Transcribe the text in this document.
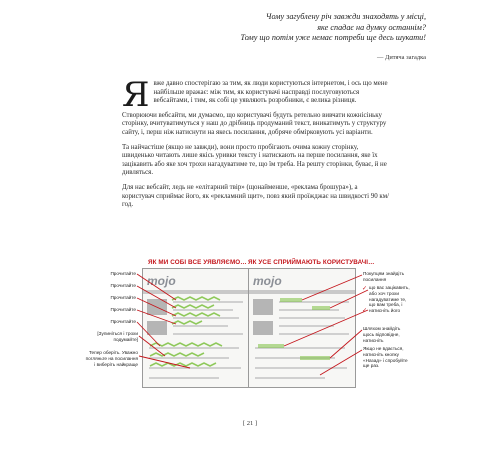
Чому загублену річ завжди знаходять у місці,
яке спадає на думку останнім?
Тому що потім уже немає потреби ще десь шукати!
— Дитяча загадка

Я вже давно спостерігаю за тим, як люди користуються інтернетом, і ось що мене найбільше вражає: між тим, як користувачі насправді послуговуються вебсайтами, і тим, як собі це уявляють розробники, є велика різниця.

Створюючи вебсайти, ми думаємо, що користувачі будуть ретельно вивчати кожнісіньку сторінку, вчитуватимуться у наш до дрібниць продуманий текст, вникатимуть у структуру сайту, і, перш ніж натиснути на якесь посилання, добряче обмірковують усі варіанти.

Та найчастіше (якщо не завжди), вони просто пробігають очима кожну сторінку, швиденько читають лише якісь уривки тексту і натискають на перше посилання, яке їх зацікавить або яке хоч трохи нагадуватиме те, що їм треба. На решту сторінки, буває, й не дивляться.

Для нас вебсайт, ледь не «елітарний твір» (щонайменше, «реклама брошура»), а користувач сприймає його, як «рекламний щит», повз який проїжджає на швидкості 90 км/год.

ЯК МИ СОБІ ВСЕ УЯВЛЯЄМО… ЯК УСЕ СПРИЙМАЮТЬ КОРИСТУВАЧІ…
mojo	mojo
Прочитайте
Прочитайте
Прочитайте
Прочитайте
Прочитайте
[Зупиніться і трохи подумайте]
Тепер оберіть. Уважно погляньте на посилання і виберіть найкраще
Покупцям знайдіть посилання
що вас зацікавить, або хоч трохи нагадуватиме те, що вам треба, і
натисніть його
Шляхом знайдіть щось відповідне, натисніть
Якщо не вдається, натисніть кнопку «Назад» і спробуйте ще раз.
✓
✓
[ 21 ]
